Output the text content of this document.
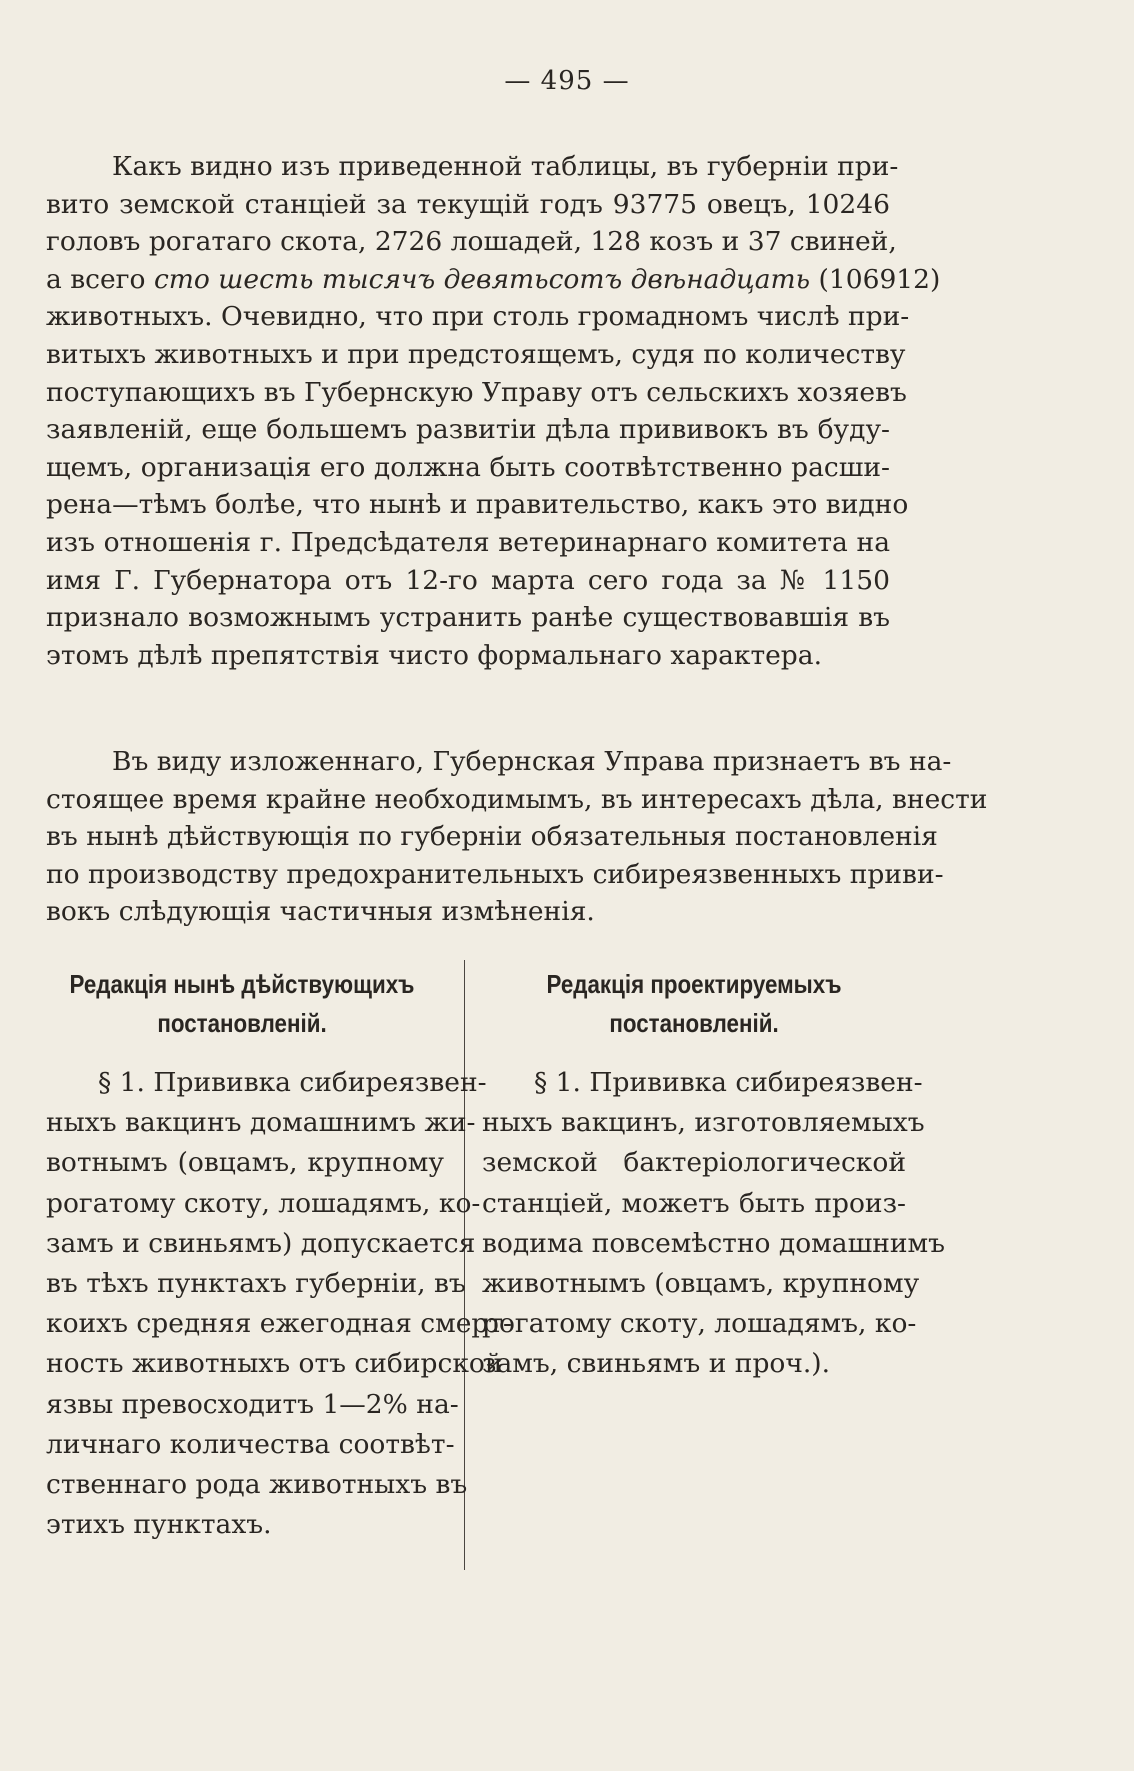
— 495 —
Какъ видно изъ приведенной таблицы, въ губерніи при-
вито земской станціей за текущій годъ 93775 овецъ, 10246
головъ рогатаго скота, 2726 лошадей, 128 козъ и 37 свиней,
а всего сто шесть тысячъ девятьсотъ двѣнадцать (106912)
животныхъ. Очевидно, что при столь громадномъ числѣ при-
витыхъ животныхъ и при предстоящемъ, судя по количеству
поступающихъ въ Губернскую Управу отъ сельскихъ хозяевъ
заявленій, еще большемъ развитіи дѣла прививокъ въ буду-
щемъ, организація его должна быть соотвѣтственно расши-
рена—тѣмъ болѣе, что нынѣ и правительство, какъ это видно
изъ отношенія г. Предсѣдателя ветеринарнаго комитета на
имя Г. Губернатора отъ 12-го марта сего года за № 1150
признало возможнымъ устранить ранѣе существовавшія въ
этомъ дѣлѣ препятствія чисто формальнаго характера.
Въ виду изложеннаго, Губернская Управа признаетъ въ на-
стоящее время крайне необходимымъ, въ интересахъ дѣла, внести
въ нынѣ дѣйствующія по губерніи обязательныя постановленія
по производству предохранительныхъ сибиреязвенныхъ приви-
вокъ слѣдующія частичныя измѣненія.
Редакція нынѣ дѣйствующихъ
постановленій.
Редакція проектируемыхъ
постановленій.
§ 1. Прививка сибиреязвен-
ныхъ вакцинъ домашнимъ жи-
вотнымъ (овцамъ, крупному
рогатому скоту, лошадямъ, ко-
замъ и свиньямъ) допускается
въ тѣхъ пунктахъ губерніи, въ
коихъ средняя ежегодная смерт-
ность животныхъ отъ сибирской
язвы превосходитъ 1—2% на-
личнаго количества соотвѣт-
ственнаго рода животныхъ въ
этихъ пунктахъ.
§ 1. Прививка сибиреязвен-
ныхъ вакцинъ, изготовляемыхъ
земской бактеріологической
станціей, можетъ быть произ-
водима повсемѣстно домашнимъ
животнымъ (овцамъ, крупному
рогатому скоту, лошадямъ, ко-
замъ, свиньямъ и проч.).
